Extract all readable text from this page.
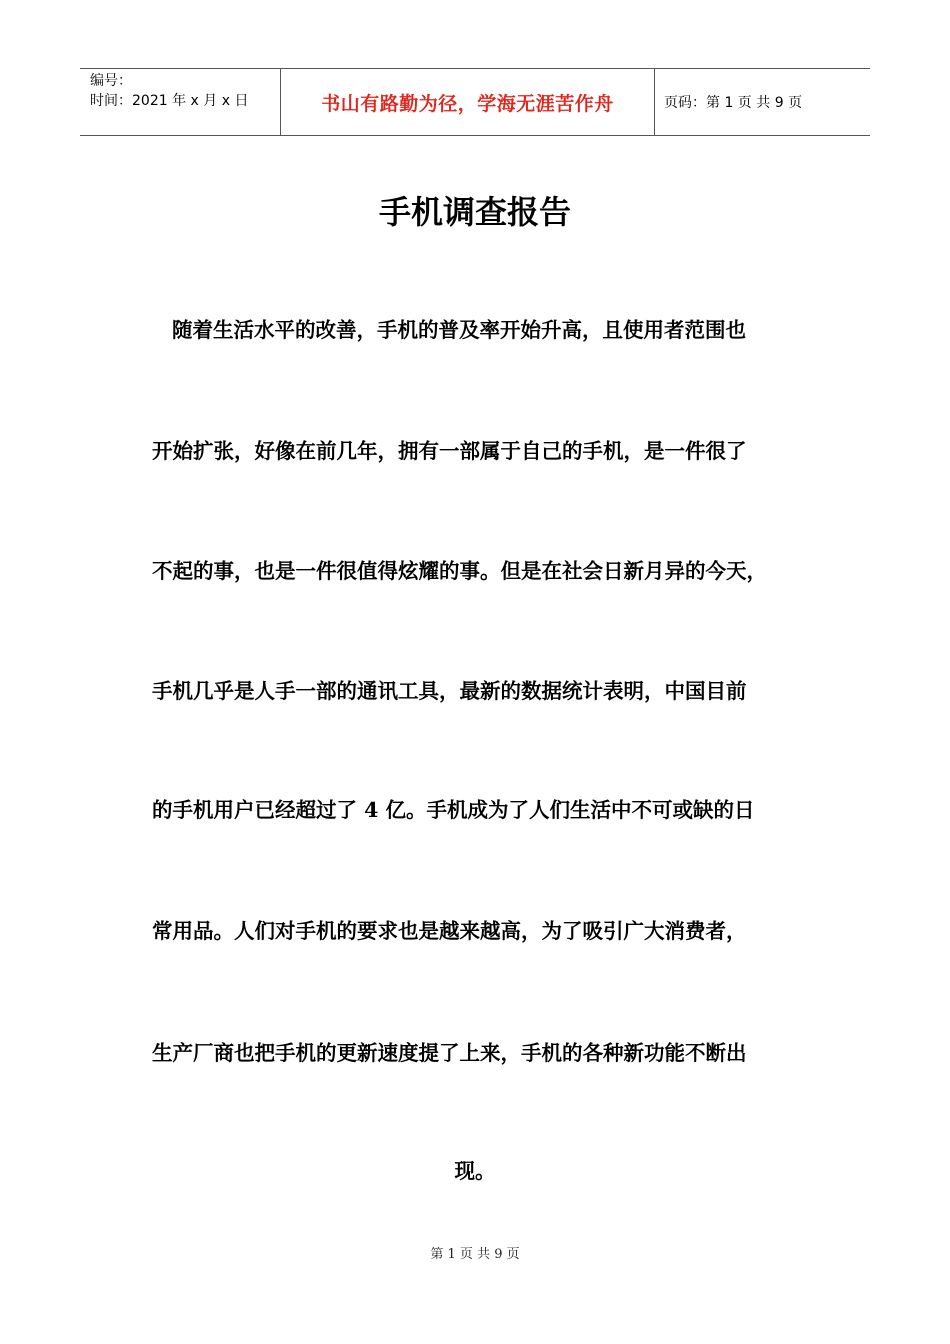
编号：
时间：2021 年 x 月 x 日	书山有路勤为径，学海无涯苦作舟	页码：第 1 页 共 9 页
手机调查报告
随着生活水平的改善，手机的普及率开始升高，且使用者范围也
开始扩张，好像在前几年，拥有一部属于自己的手机，是一件很了
不起的事，也是一件很值得炫耀的事。但是在社会日新月异的今天，
手机几乎是人手一部的通讯工具，最新的数据统计表明，中国目前
的手机用户已经超过了 4 亿。手机成为了人们生活中不可或缺的日
常用品。人们对手机的要求也是越来越高，为了吸引广大消费者，
生产厂商也把手机的更新速度提了上来，手机的各种新功能不断出
现。
第 1 页 共 9 页
